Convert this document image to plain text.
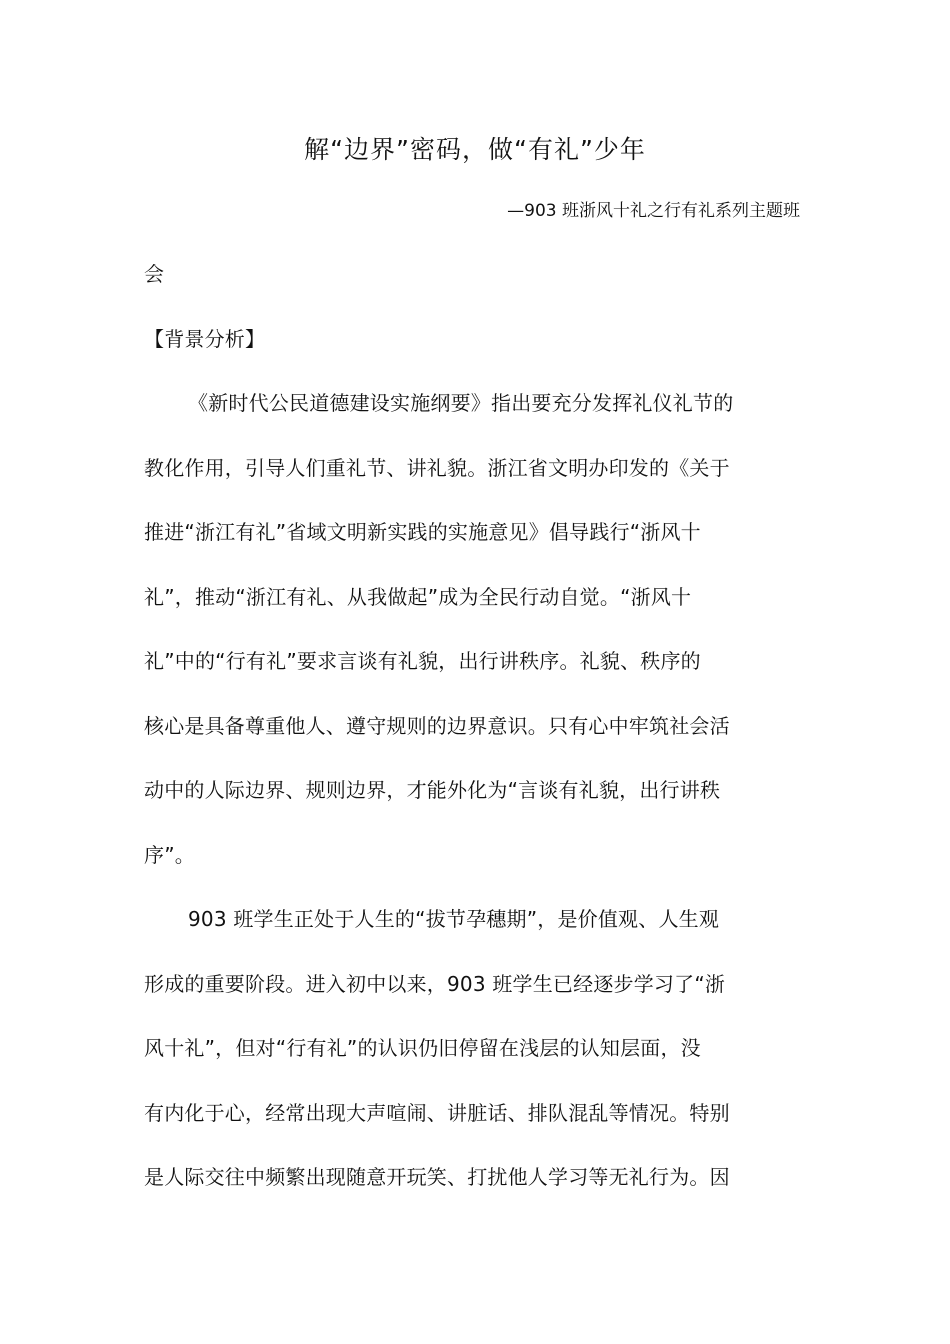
解“边界”密码，做“有礼”少年
—903 班浙风十礼之行有礼系列主题班
会
【背景分析】
《新时代公民道德建设实施纲要》指出要充分发挥礼仪礼节的
教化作用，引导人们重礼节、讲礼貌。浙江省文明办印发的《关于
推进“浙江有礼”省域文明新实践的实施意见》倡导践行“浙风十
礼”，推动“浙江有礼、从我做起”成为全民行动自觉。“浙风十
礼”中的“行有礼”要求言谈有礼貌，出行讲秩序。礼貌、秩序的
核心是具备尊重他人、遵守规则的边界意识。只有心中牢筑社会活
动中的人际边界、规则边界，才能外化为“言谈有礼貌，出行讲秩
序”。
903 班学生正处于人生的“拔节孕穗期”，是价值观、人生观
形成的重要阶段。进入初中以来，903 班学生已经逐步学习了“浙
风十礼”，但对“行有礼”的认识仍旧停留在浅层的认知层面，没
有内化于心，经常出现大声喧闹、讲脏话、排队混乱等情况。特别
是人际交往中频繁出现随意开玩笑、打扰他人学习等无礼行为。因
